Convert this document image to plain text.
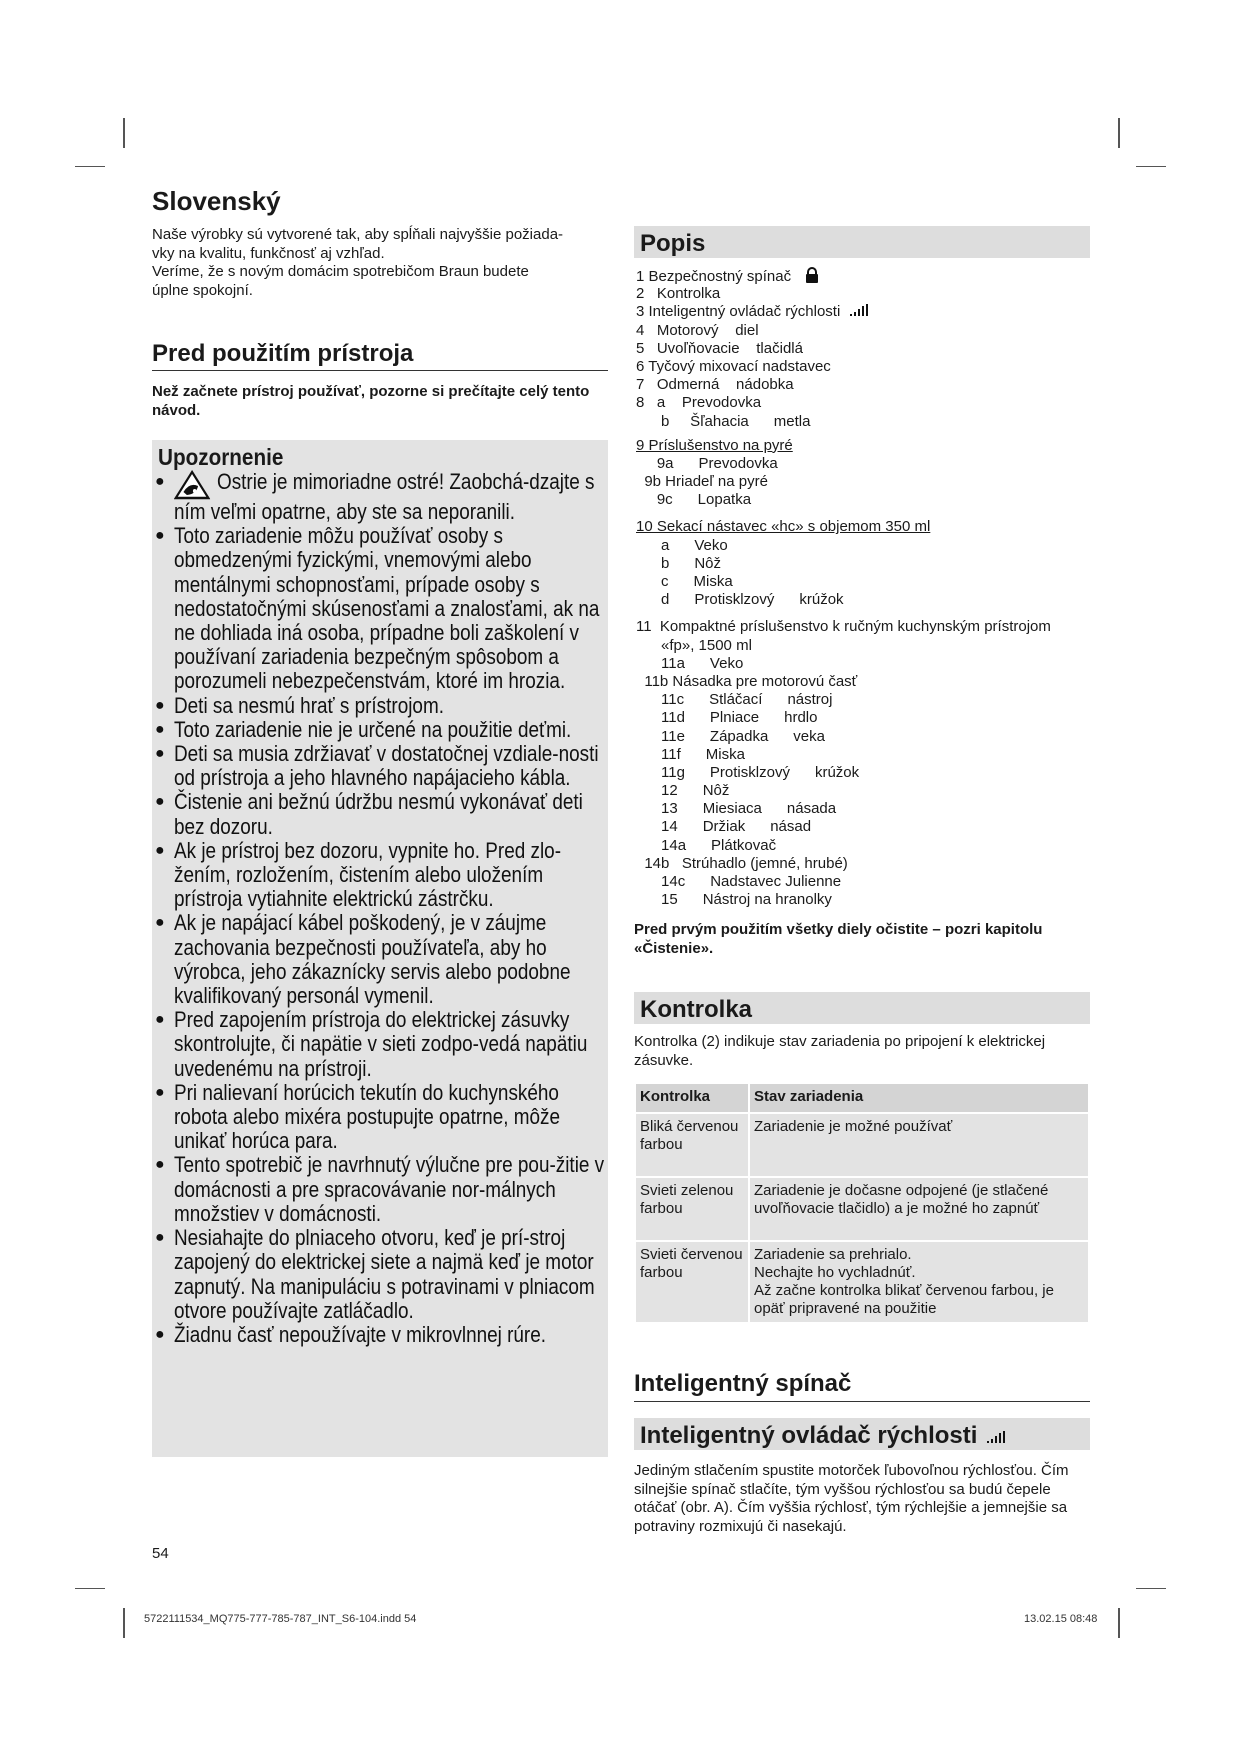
Slovenský

Naše výrobky sú vytvorené tak, aby spĺňali najvyššie požiada-

vky na kvalitu, funkčnosť aj vzhľad.

Veríme, že s novým domácim spotrebičom Braun budete

úplne spokojní.

Pred použitím prístroja
Než začnete prístroj používať, pozorne si prečítajte celý tento návod.
Upozornenie
● Ostrie je mimoriadne ostré! Zaobchá-dzajte s ním veľmi opatrne, aby ste sa neporanili.
● Toto zariadenie môžu používať osoby s obmedzenými fyzickými, vnemovými alebo mentálnymi schopnosťami, prípade osoby s nedostatočnými skúsenosťami a znalosťami, ak na ne dohliada iná osoba, prípadne boli zaškolení v používaní zariadenia bezpečným spôsobom a porozumeli nebezpečenstvám, ktoré im hrozia.
● Deti sa nesmú hrať s prístrojom.
● Toto zariadenie nie je určené na použitie deťmi.
● Deti sa musia zdržiavať v dostatočnej vzdiale-nosti od prístroja a jeho hlavného napájacieho kábla.
● Čistenie ani bežnú údržbu nesmú vykonávať deti bez dozoru.
● Ak je prístroj bez dozoru, vypnite ho. Pred zlo-žením, rozložením, čistením alebo uložením prístroja vytiahnite elektrickú zástrčku.
● Ak je napájací kábel poškodený, je v záujme zachovania bezpečnosti používateľa, aby ho výrobca, jeho zákaznícky servis alebo podobne kvalifikovaný personál vymenil.
● Pred zapojením prístroja do elektrickej zásuvky skontrolujte, či napätie v sieti zodpo-vedá napätiu uvedenému na prístroji.
● Pri nalievaní horúcich tekutín do kuchynského robota alebo mixéra postupujte opatrne, môže unikať horúca para.
● Tento spotrebič je navrhnutý výlučne pre pou-žitie v domácnosti a pre spracovávanie nor-málnych množstiev v domácnosti.
● Nesiahajte do plniaceho otvoru, keď je prí-stroj zapojený do elektrickej siete a najmä keď je motor zapnutý. Na manipuláciu s potravinami v plniacom otvore používajte zatláčadlo.
● Žiadnu časť nepoužívajte v mikrovlnnej rúre.
54
Popis
1 Bezpečnostný spínač
2   Kontrolka
3 Inteligentný ovládač rýchlosti
4   Motorový    diel
5   Uvoľňovacie    tlačidlá
6 Tyčový mixovací nadstavec
7   Odmerná    nádobka
8   a    Prevodovka
b     Šľahacia      metla
9 Príslušenstvo na pyré
9a      Prevodovka
9b Hriadeľ na pyré
9c      Lopatka
10 Sekací nástavec «hc» s objemom 350 ml
a      Veko
b      Nôž
c      Miska
d      Protisklzový      krúžok
11  Kompaktné príslušenstvo k ručným kuchynským prístrojom
«fp», 1500 ml
11a      Veko
11b Násadka pre motorovú časť
11c      Stláčací      nástroj
11d      Plniace      hrdlo
11e      Západka      veka
11f      Miska
11g      Protisklzový      krúžok
12      Nôž
13      Miesiaca      násada
14      Držiak      násad
14a      Plátkovač
14b   Strúhadlo (jemné, hrubé)
14c      Nadstavec Julienne
15      Nástroj na hranolky
Pred prvým použitím všetky diely očistite – pozri kapitolu «Čistenie».
Kontrolka
Kontrolka (2) indikuje stav zariadenia po pripojení k elektrickej zásuvke.
Kontrolka	Stav zariadenia
Bliká červenou farbou	Zariadenie je možné používať
Svieti zelenou farbou	Zariadenie je dočasne odpojené (je stlačené uvoľňovacie tlačidlo) a je možné ho zapnúť
Svieti červenou farbou	Zariadenie sa prehrialo.
Nechajte ho vychladnúť.
Až začne kontrolka blikať červenou farbou, je opäť pripravené na použitie
Inteligentný spínač
Inteligentný ovládač rýchlosti
Jediným stlačením spustite motorček ľubovoľnou rýchlosťou. Čím silnejšie spínač stlačíte, tým vyššou rýchlosťou sa budú čepele otáčať (obr. A). Čím vyššia rýchlosť, tým rýchlejšie a jemnejšie sa potraviny rozmixujú či nasekajú.
5722111534_MQ775-777-785-787_INT_S6-104.indd 54	13.02.15 08:48
